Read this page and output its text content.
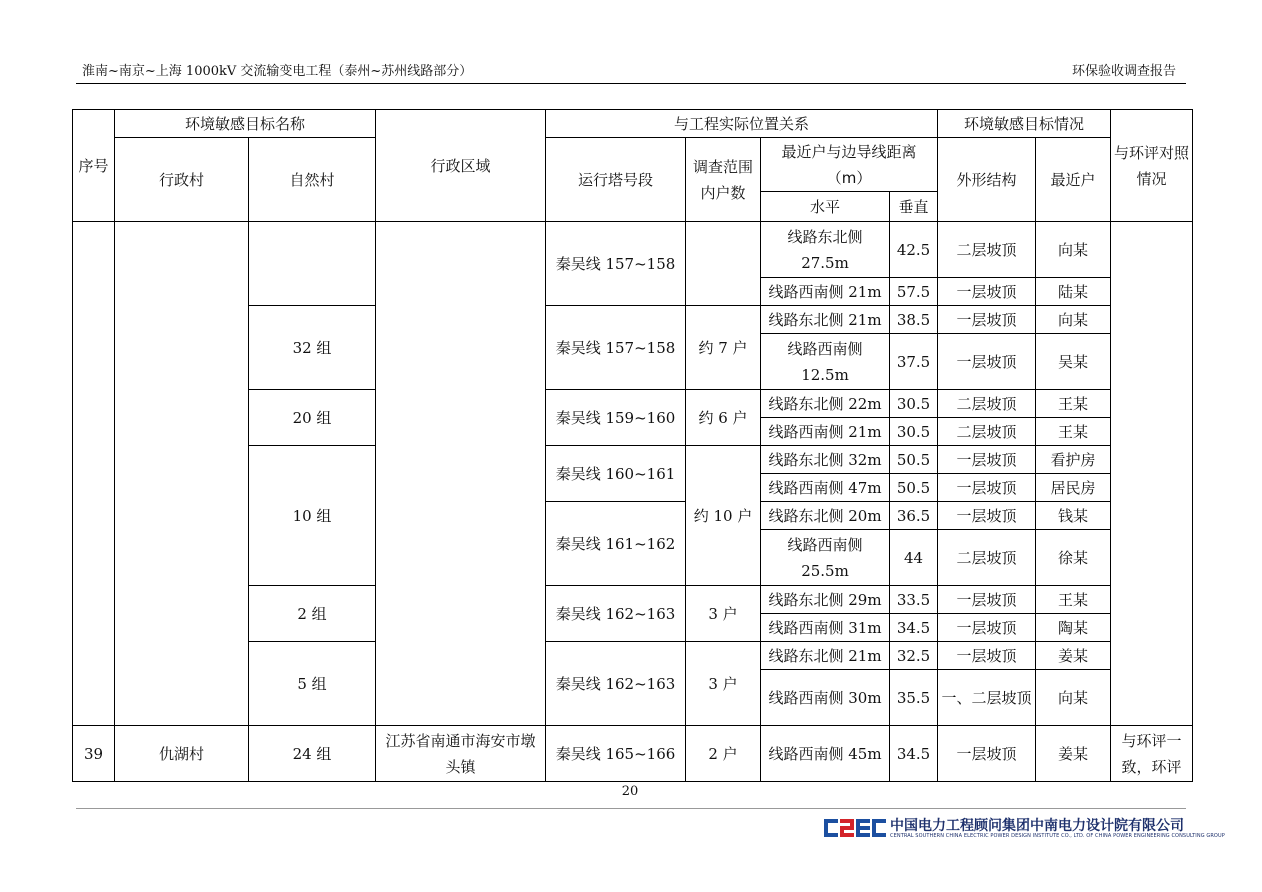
淮南~南京~上海 1000kV 交流输变电工程（泰州~苏州线路部分）	环保验收调查报告
序号	环境敏感目标名称		行政区域	与工程实际位置关系				环境敏感目标情况		与环评对照情况
	行政村	自然村		运行塔号段	调查范围内户数	最近户与边导线距离（m）		外形结构	最近户	
						水平	垂直			
				秦吴线 157~158		线路东北侧 27.5m	42.5	二层坡顶	向某	
						线路西南侧 21m	57.5	一层坡顶	陆某	
		32 组		秦吴线 157~158	约 7 户	线路东北侧 21m	38.5	一层坡顶	向某	
						线路西南侧 12.5m	37.5	一层坡顶	吴某	
		20 组		秦吴线 159~160	约 6 户	线路东北侧 22m	30.5	二层坡顶	王某	
						线路西南侧 21m	30.5	二层坡顶	王某	
		10 组		秦吴线 160~161	约 10 户	线路东北侧 32m	50.5	一层坡顶	看护房	
						线路西南侧 47m	50.5	一层坡顶	居民房	
				秦吴线 161~162		线路东北侧 20m	36.5	一层坡顶	钱某	
						线路西南侧 25.5m	44	二层坡顶	徐某	
		2 组		秦吴线 162~163	3 户	线路东北侧 29m	33.5	一层坡顶	王某	
						线路西南侧 31m	34.5	一层坡顶	陶某	
		5 组		秦吴线 162~163	3 户	线路东北侧 21m	32.5	一层坡顶	姜某	
						线路西南侧 30m	35.5	一、二层坡顶	向某	
39	仇湖村	24 组	江苏省南通市海安市墩头镇	秦吴线 165~166	2 户	线路西南侧 45m	34.5	一层坡顶	姜某	与环评一致，环评
20
中国电力工程顾问集团中南电力设计院有限公司
CENTRAL SOUTHERN CHINA ELECTRIC POWER DESIGN INSTITUTE CO., LTD. OF CHINA POWER ENGINEERING CONSULTING GROUP
